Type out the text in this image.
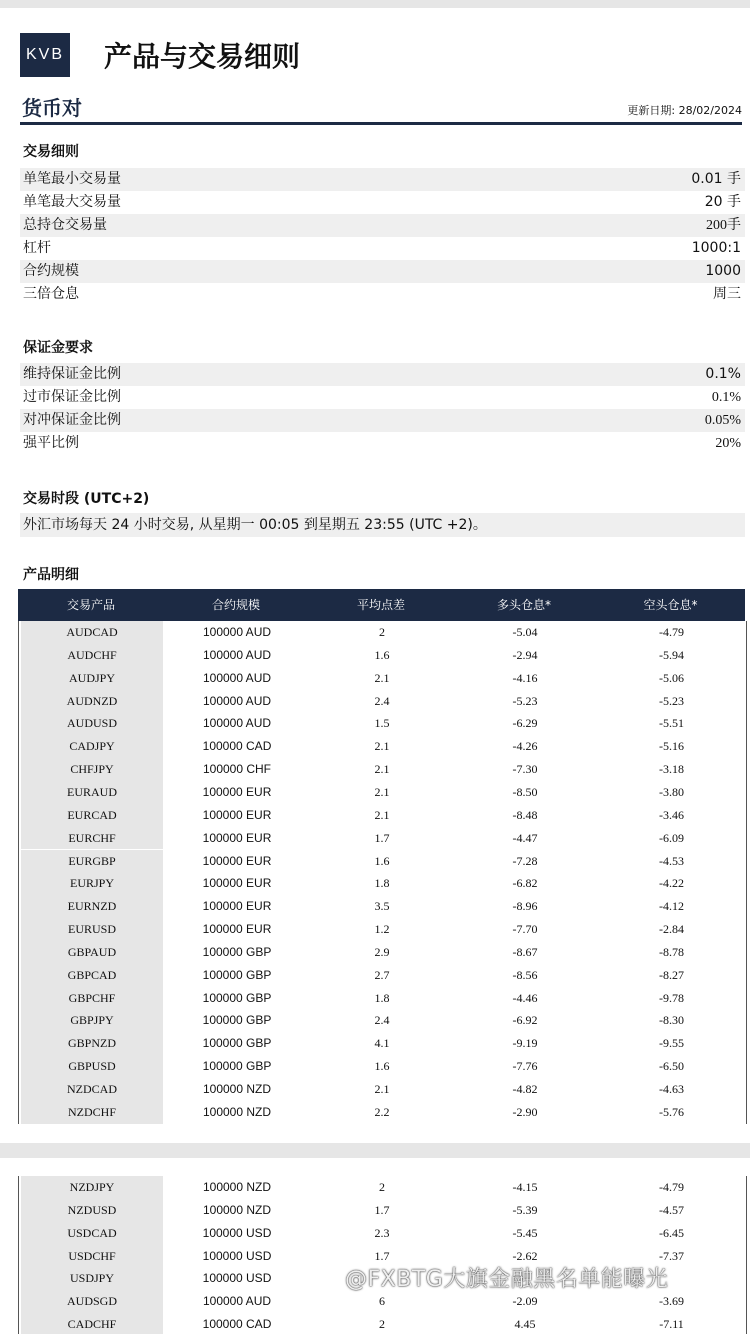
KVB 产品与交易细则
货币对	更新日期: 28/02/2024
交易细则
单笔最小交易量	0.01 手
单笔最大交易量	20 手
总持仓交易量	200手
杠杆	1000:1
合约规模	1000
三倍仓息	周三
保证金要求
维持保证金比例	0.1%
过市保证金比例	0.1%
对冲保证金比例	0.05%
强平比例	20%
交易时段 (UTC+2)
外汇市场每天 24 小时交易, 从星期一 00:05 到星期五 23:55 (UTC +2)。
产品明细
交易产品	合约规模	平均点差	多头仓息*	空头仓息*
AUDCAD	100000 AUD	2	-5.04	-4.79
AUDCHF	100000 AUD	1.6	-2.94	-5.94
AUDJPY	100000 AUD	2.1	-4.16	-5.06
AUDNZD	100000 AUD	2.4	-5.23	-5.23
AUDUSD	100000 AUD	1.5	-6.29	-5.51
CADJPY	100000 CAD	2.1	-4.26	-5.16
CHFJPY	100000 CHF	2.1	-7.30	-3.18
EURAUD	100000 EUR	2.1	-8.50	-3.80
EURCAD	100000 EUR	2.1	-8.48	-3.46
EURCHF	100000 EUR	1.7	-4.47	-6.09
EURGBP	100000 EUR	1.6	-7.28	-4.53
EURJPY	100000 EUR	1.8	-6.82	-4.22
EURNZD	100000 EUR	3.5	-8.96	-4.12
EURUSD	100000 EUR	1.2	-7.70	-2.84
GBPAUD	100000 GBP	2.9	-8.67	-8.78
GBPCAD	100000 GBP	2.7	-8.56	-8.27
GBPCHF	100000 GBP	1.8	-4.46	-9.78
GBPJPY	100000 GBP	2.4	-6.92	-8.30
GBPNZD	100000 GBP	4.1	-9.19	-9.55
GBPUSD	100000 GBP	1.6	-7.76	-6.50
NZDCAD	100000 NZD	2.1	-4.82	-4.63
NZDCHF	100000 NZD	2.2	-2.90	-5.76
NZDJPY	100000 NZD	2	-4.15	-4.79
NZDUSD	100000 NZD	1.7	-5.39	-4.57
USDCAD	100000 USD	2.3	-5.45	-6.45
USDCHF	100000 USD	1.7	-2.62	-7.37
USDJPY	100000 USD
AUDSGD	100000 AUD	6	-2.09	-3.69
CADCHF	100000 CAD	2	4.45	-7.11
@FXBTG大旗金融黑名单能曝光
